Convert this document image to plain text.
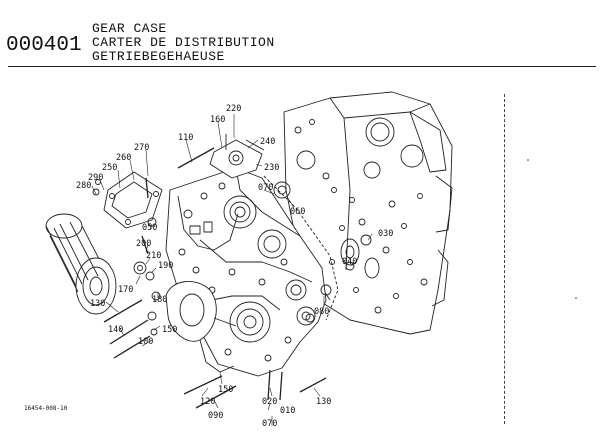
000401
GEAR CASE
CARTER DE DISTRIBUTION
GETRIEBEGEHAEUSE
220
160
240
110
230
270
260
250
290
280	070
050
060
030
200
040
210
190
170
180
130
140	150
100
080
150
120	020
010
090
070
130
16454-008-10
